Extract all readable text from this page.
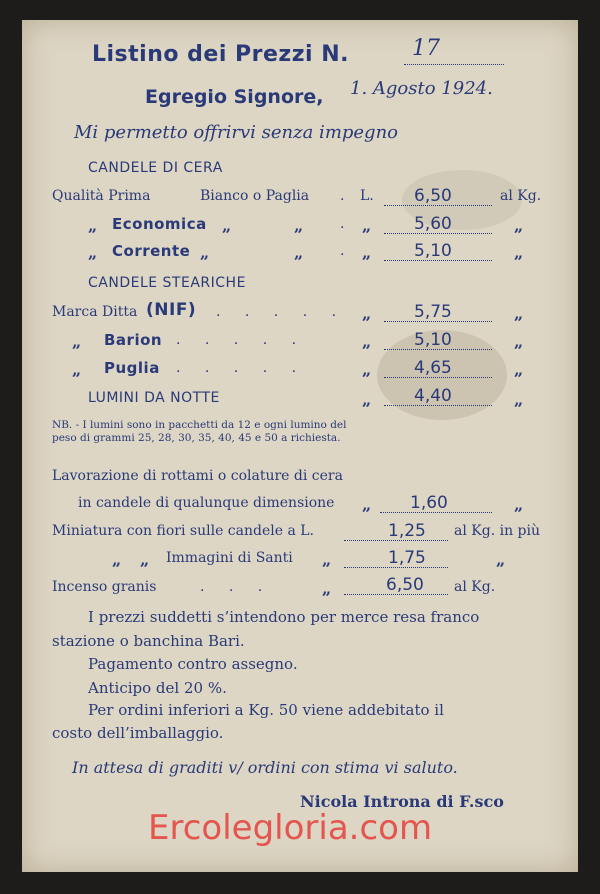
Listino dei Prezzi N.	17
Egregio Signore, 1. Agosto 1924.
Mi permetto offrirvi senza impegno
CANDELE DI CERA
Qualità Prima	Bianco o Paglia . L. 6,50	al Kg.
„ Economica „	„	. „	5,60	„
„ Corrente „	„	. „	5,10	„
CANDELE STEARICHE
Marca Ditta (NIF) . . . . . „	5,75	„
„ Barion . . . . .	„	5,10	„
„ Puglia . . . . .	„	4,65	„
LUMINI DA NOTTE	„	4,40	„
NB. - I lumini sono in pacchetti da 12 e ogni lumino del peso di grammi 25, 28, 30, 35, 40, 45 e 50 a richiesta.
Lavorazione di rottami o colature di cera
in candele di qualunque dimensione „ 1,60	„
Miniatura con fiori sulle candele a L.	1,25 al Kg. in più
„ „ Immagini di Santi „	1,75	„
Incenso granis	. . .	„	6,50 al Kg.
I prezzi suddetti s’intendono per merce resa franco
stazione o banchina Bari.
Pagamento contro assegno.
Anticipo del 20 %.
Per ordini inferiori a Kg. 50 viene addebitato il
costo dell’imballaggio.
In attesa di graditi v/ ordini con stima vi saluto.
Nicola Introna di F.sco
Ercolegloria.com
